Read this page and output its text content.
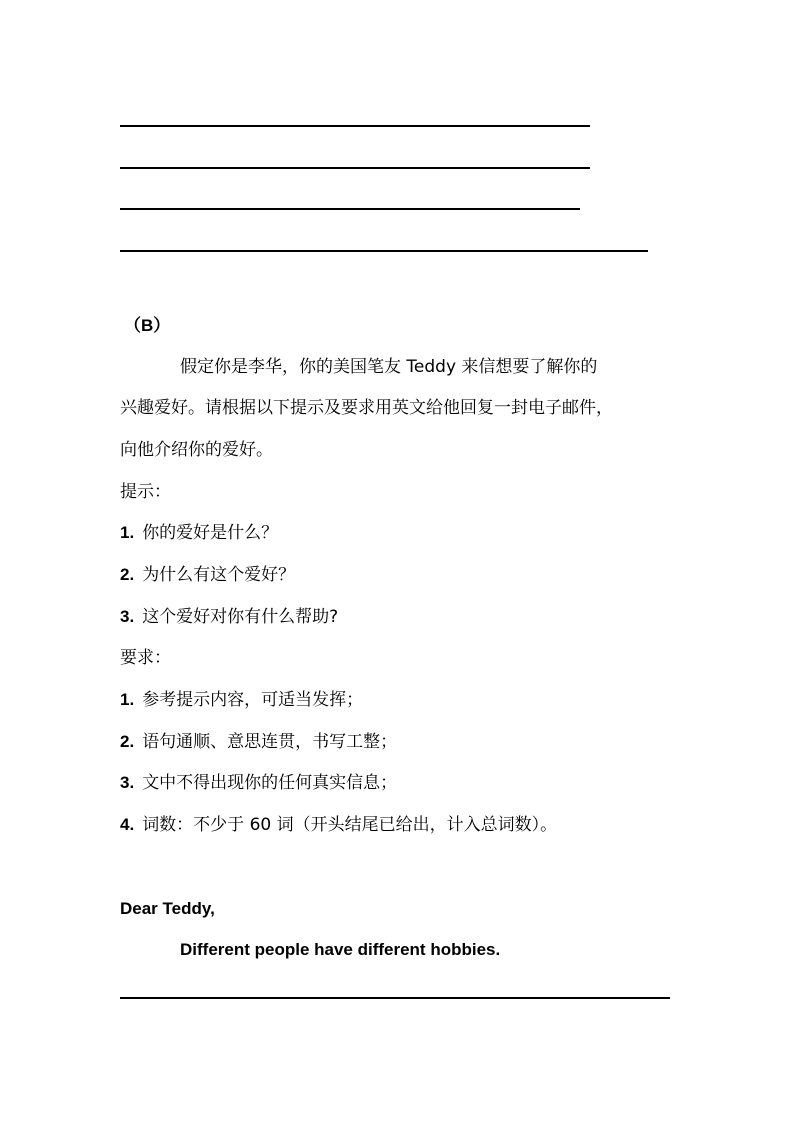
（B）
假定你是李华，你的美国笔友 Teddy 来信想要了解你的
兴趣爱好。请根据以下提示及要求用英文给他回复一封电子邮件，
向他介绍你的爱好。
提示：
1. 你的爱好是什么？
2. 为什么有这个爱好？
3. 这个爱好对你有什么帮助?
要求：
1. 参考提示内容，可适当发挥；
2. 语句通顺、意思连贯，书写工整；
3. 文中不得出现你的任何真实信息；
4. 词数：不少于 60 词（开头结尾已给出，计入总词数）。
Dear Teddy,
Different people have different hobbies.
